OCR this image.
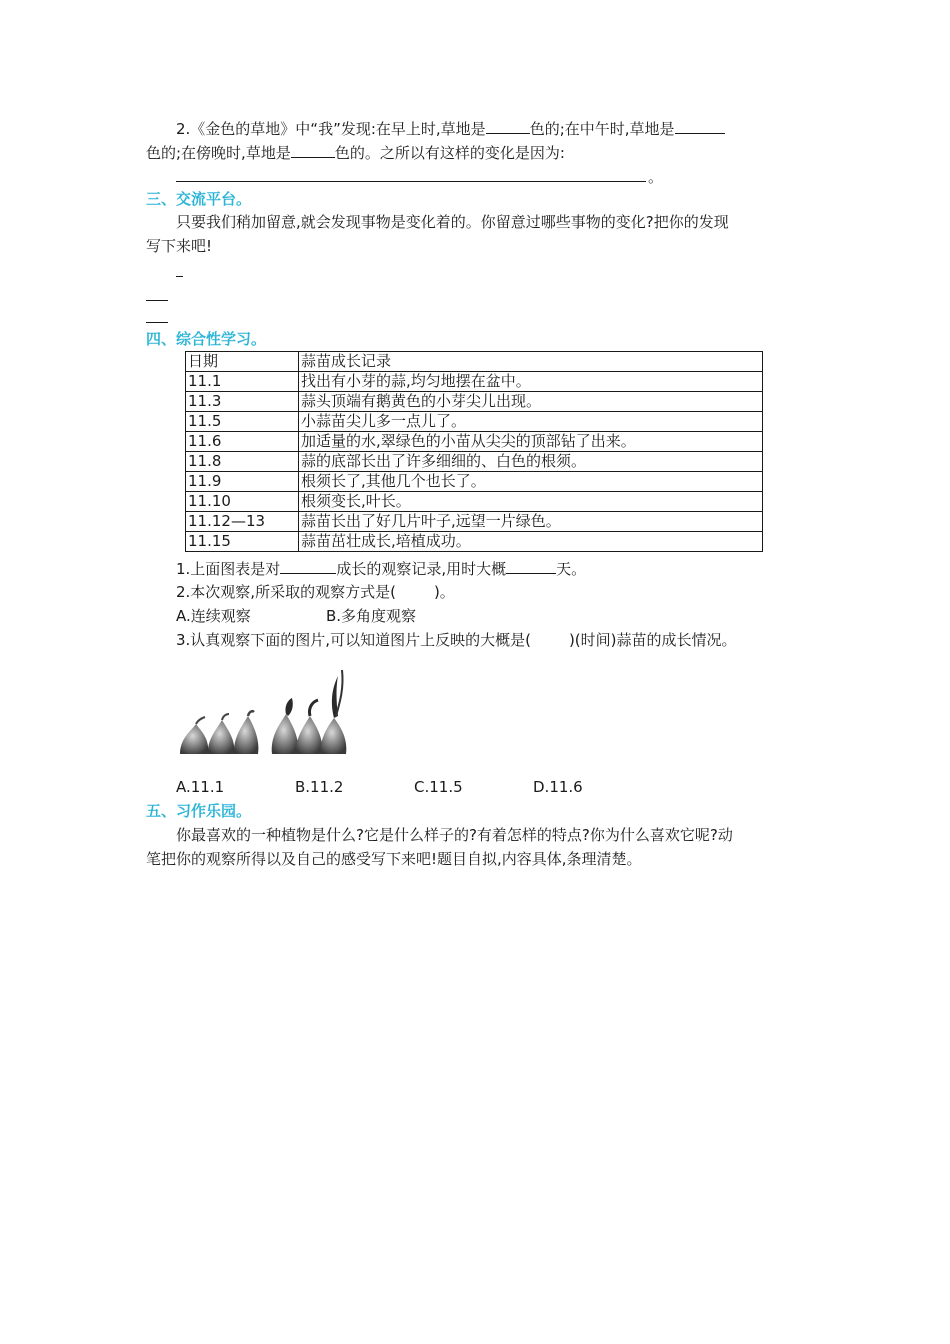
2.《金色的草地》中“我”发现:在早上时,草地是	色的;在中午时,草地是
色的;在傍晚时,草地是	色的。之所以有这样的变化是因为:
。
三、交流平台。
只要我们稍加留意,就会发现事物是变化着的。你留意过哪些事物的变化?把你的发现
写下来吧!
四、综合性学习。
日期	蒜苗成长记录
11.1	找出有小芽的蒜,均匀地摆在盆中。
11.3	蒜头顶端有鹅黄色的小芽尖儿出现。
11.5	小蒜苗尖儿多一点儿了。
11.6	加适量的水,翠绿色的小苗从尖尖的顶部钻了出来。
11.8	蒜的底部长出了许多细细的、白色的根须。
11.9	根须长了,其他几个也长了。
11.10	根须变长,叶长。
11.12—13	蒜苗长出了好几片叶子,远望一片绿色。
11.15	蒜苗茁壮成长,培植成功。
1.上面图表是对	成长的观察记录,用时大概	天。
2.本次观察,所采取的观察方式是(	)。
A.连续观察	B.多角度观察
3.认真观察下面的图片,可以知道图片上反映的大概是(	)(时间)蒜苗的成长情况。
A.11.1	B.11.2	C.11.5	D.11.6
五、习作乐园。
你最喜欢的一种植物是什么?它是什么样子的?有着怎样的特点?你为什么喜欢它呢?动
笔把你的观察所得以及自己的感受写下来吧!题目自拟,内容具体,条理清楚。
